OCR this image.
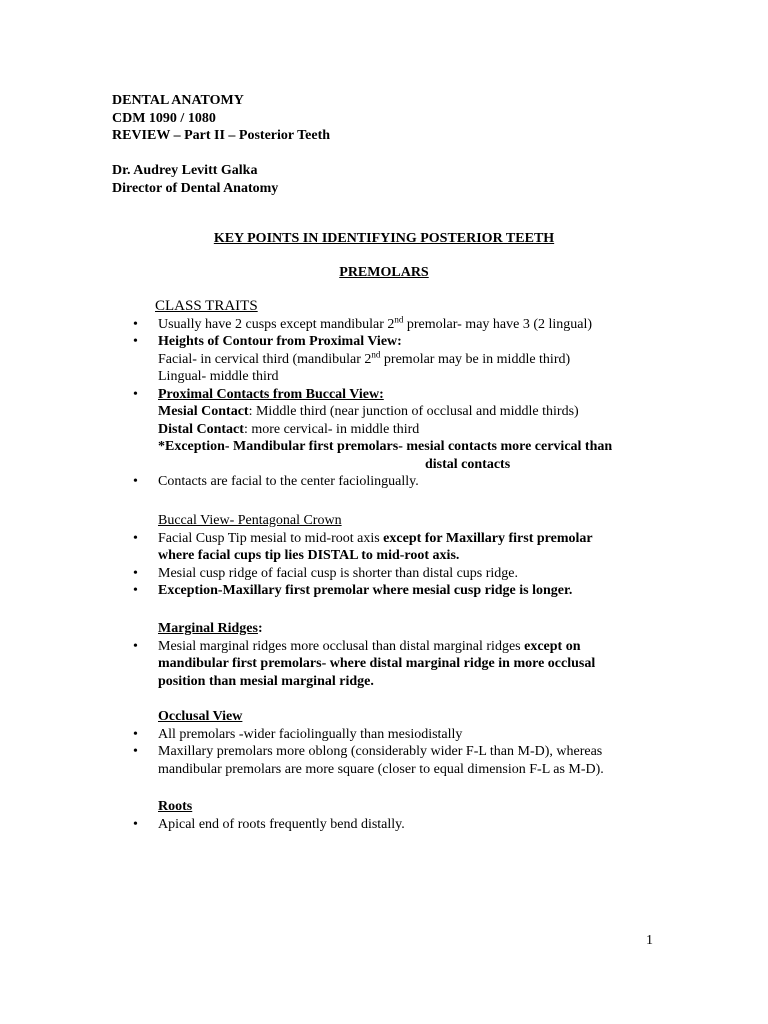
DENTAL ANATOMY
CDM 1090 / 1080
REVIEW – Part II – Posterior Teeth
Dr. Audrey Levitt Galka
Director of Dental Anatomy
KEY POINTS IN IDENTIFYING POSTERIOR TEETH
PREMOLARS
CLASS TRAITS
• Usually have 2 cusps except mandibular 2nd premolar- may have 3 (2 lingual)
• Heights of Contour from Proximal View:
Facial- in cervical third (mandibular 2nd premolar may be in middle third)
Lingual- middle third
• Proximal Contacts from Buccal View:
Mesial Contact: Middle third (near junction of occlusal and middle thirds)
Distal Contact: more cervical- in middle third
*Exception- Mandibular first premolars- mesial contacts more cervical than
distal contacts
• Contacts are facial to the center faciolingually.
Buccal View- Pentagonal Crown
• Facial Cusp Tip mesial to mid-root axis except for Maxillary first premolar
where facial cups tip lies DISTAL to mid-root axis.
• Mesial cusp ridge of facial cusp is shorter than distal cups ridge.
• Exception-Maxillary first premolar where mesial cusp ridge is longer.
Marginal Ridges:
• Mesial marginal ridges more occlusal than distal marginal ridges except on
mandibular first premolars- where distal marginal ridge in more occlusal
position than mesial marginal ridge.
Occlusal View
• All premolars -wider faciolingually than mesiodistally
• Maxillary premolars more oblong (considerably wider F-L than M-D), whereas
mandibular premolars are more square (closer to equal dimension F-L as M-D).
Roots
• Apical end of roots frequently bend distally.
1
